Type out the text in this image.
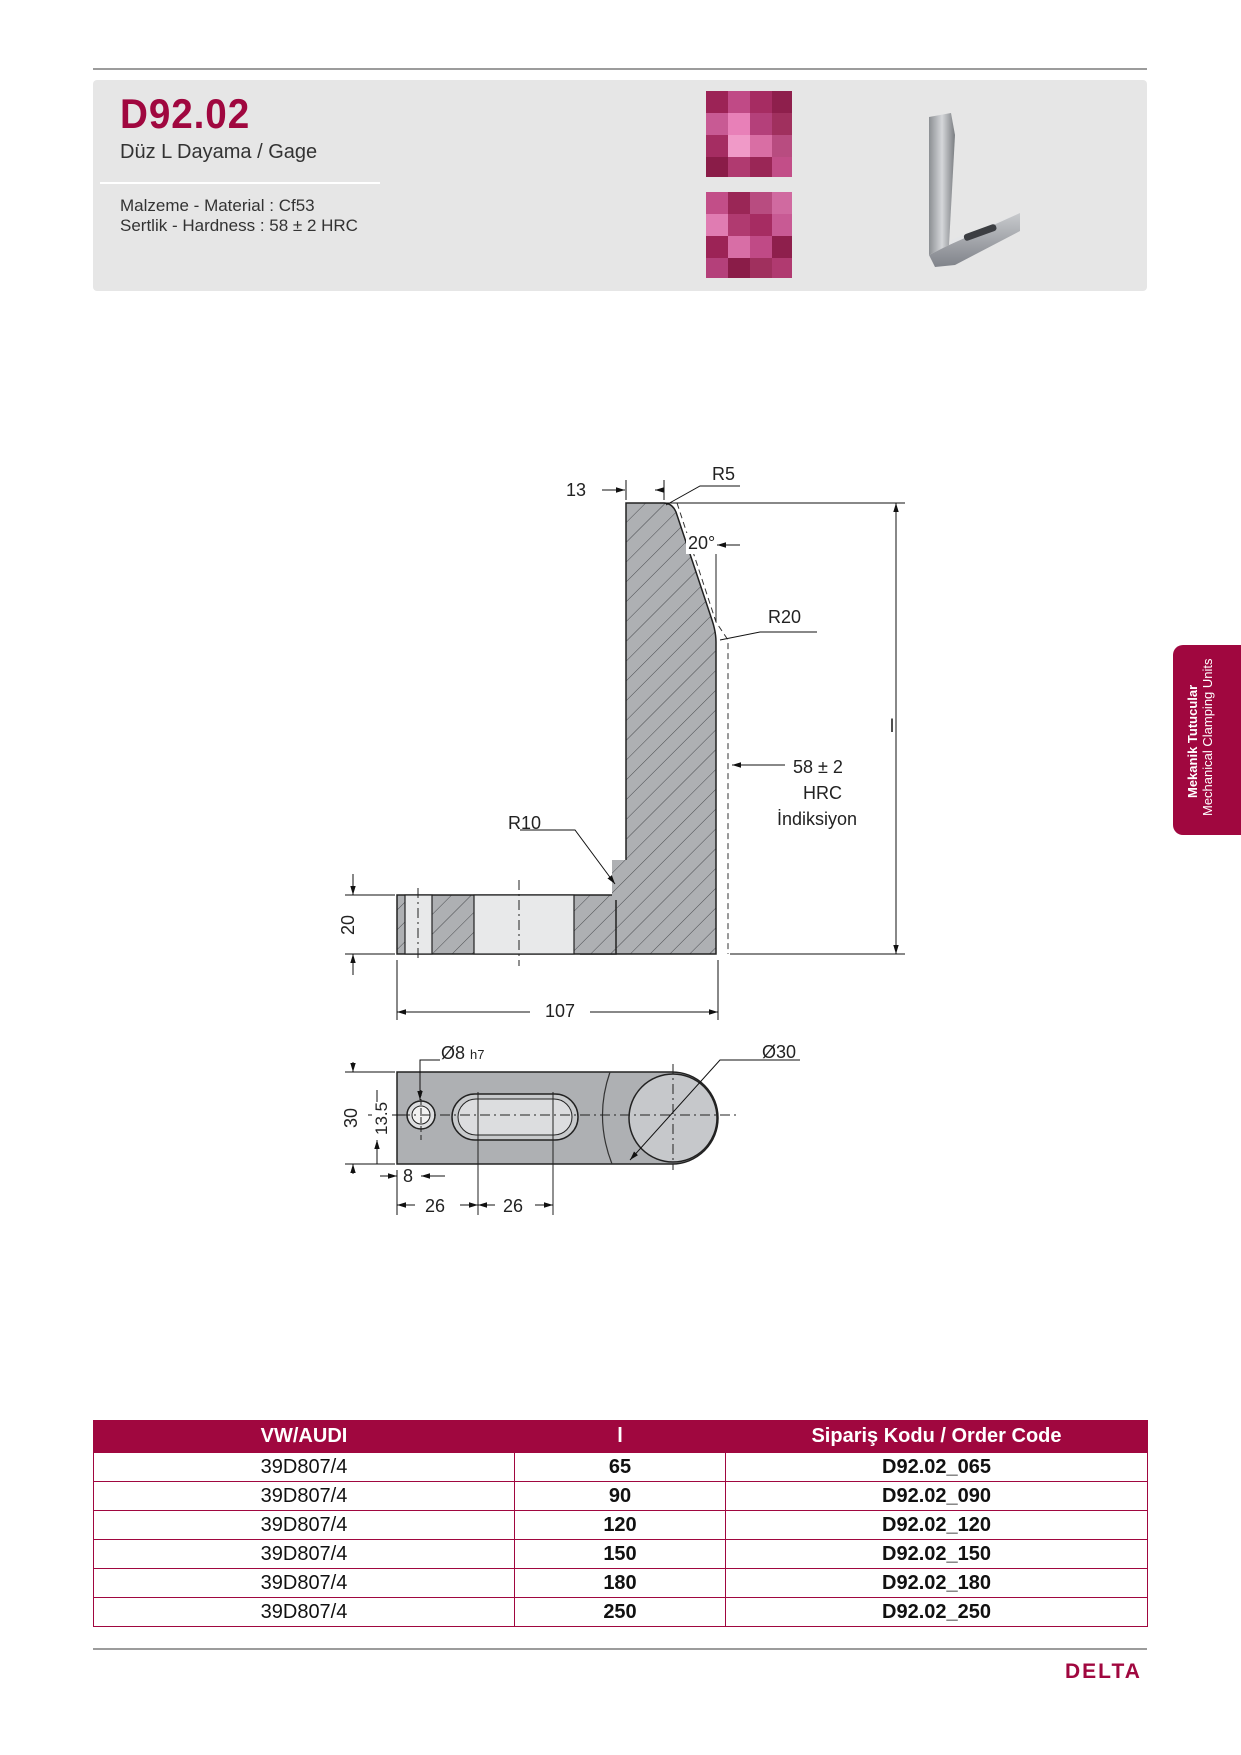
D92.02
Düz L Dayama / Gage
Malzeme - Material : Cf53
Sertlik - Hardness : 58 ± 2 HRC
13
R5
20°
R20
l
58 ± 2
HRC
İndiksiyon
R10
20
107
Ø8 h7	Ø30
30 13.5
8
26	26
Mekanik Tutucular Mechanical Clamping Units
VW/AUDI	l	Sipariş Kodu / Order Code
39D807/4	65	D92.02_065
39D807/4	90	D92.02_090
39D807/4	120	D92.02_120
39D807/4	150	D92.02_150
39D807/4	180	D92.02_180
39D807/4	250	D92.02_250
DELTA
